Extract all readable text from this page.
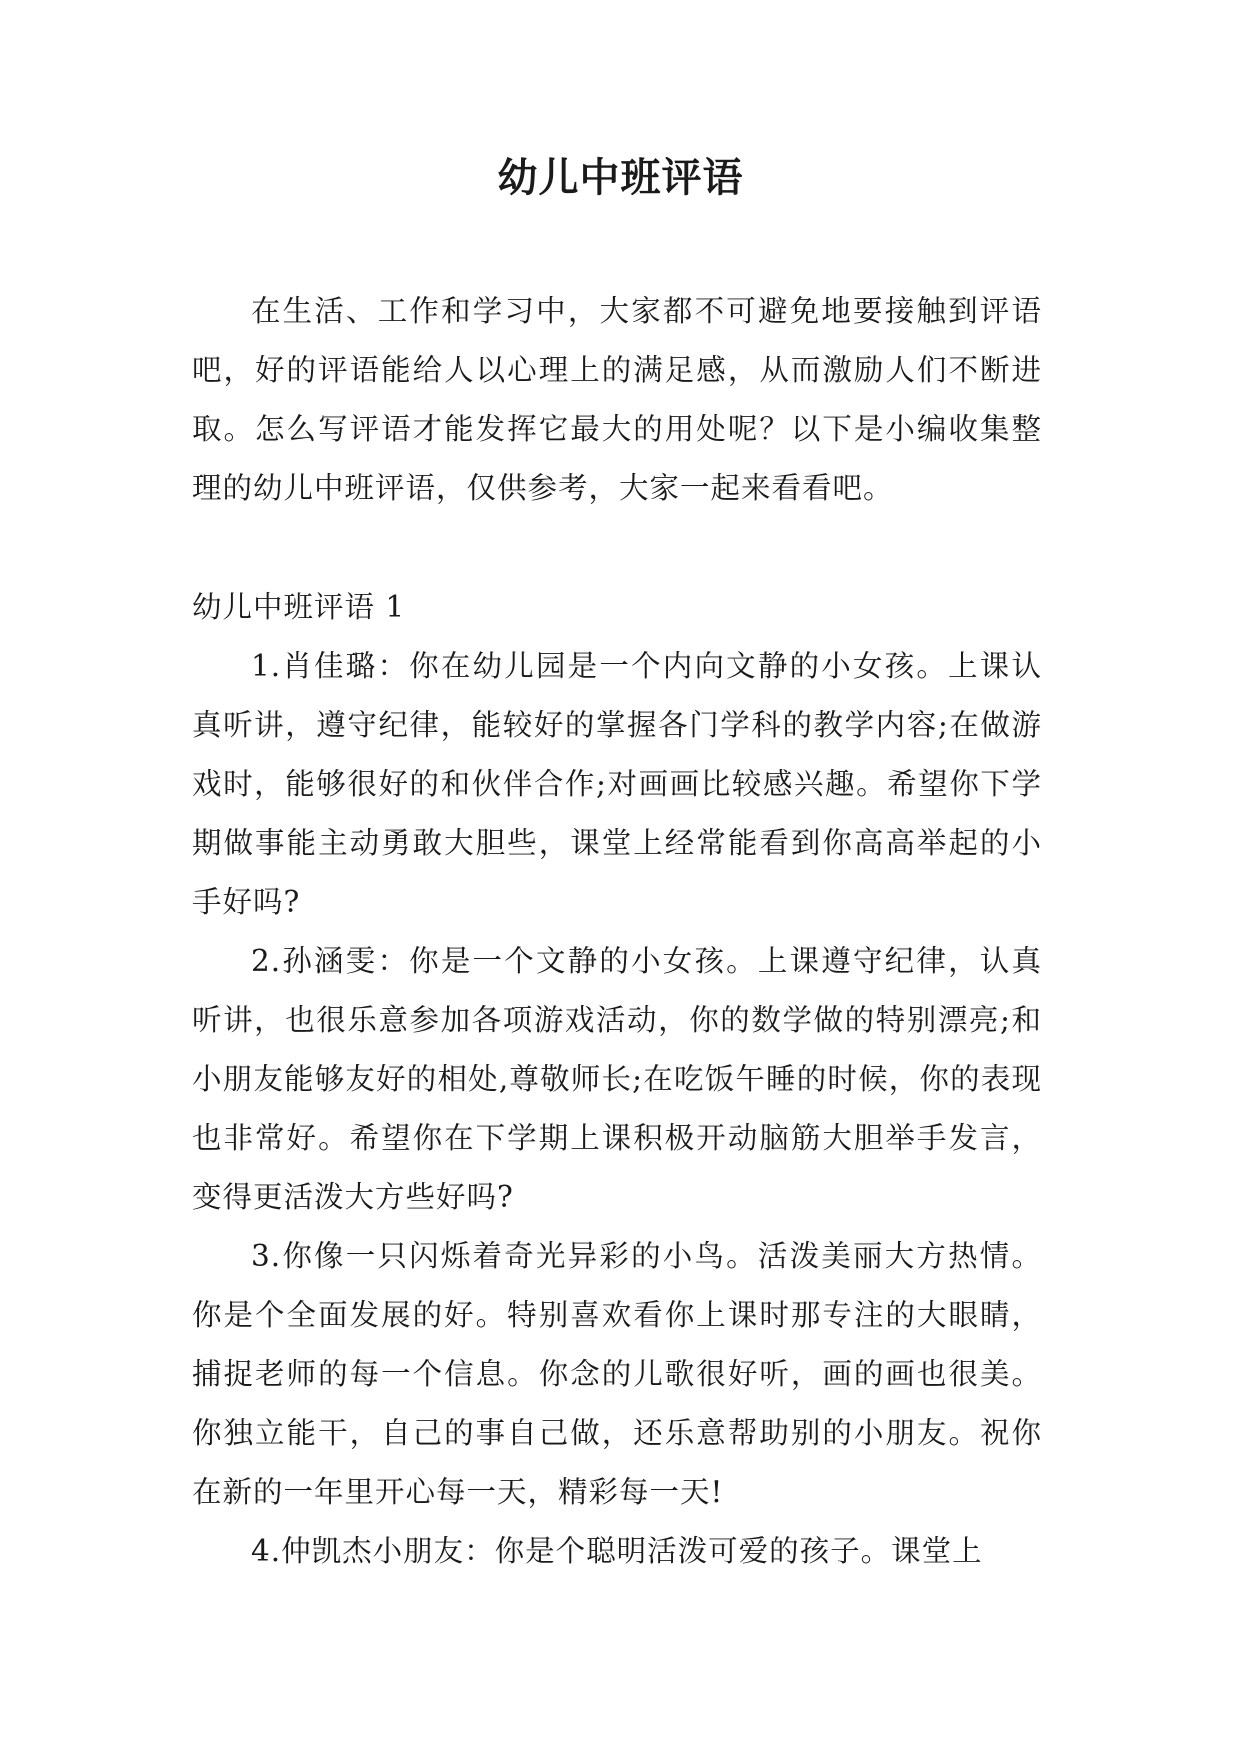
幼儿中班评语

在生活、工作和学习中，大家都不可避免地要接触到评语吧，好的评语能给人以心理上的满足感，从而激励人们不断进取。怎么写评语才能发挥它最大的用处呢？以下是小编收集整理的幼儿中班评语，仅供参考，大家一起来看看吧。

幼儿中班评语 1

1.肖佳璐：你在幼儿园是一个内向文静的小女孩。上课认真听讲，遵守纪律，能较好的掌握各门学科的教学内容;在做游戏时，能够很好的和伙伴合作;对画画比较感兴趣。希望你下学期做事能主动勇敢大胆些，课堂上经常能看到你高高举起的小手好吗?

2.孙涵雯：你是一个文静的小女孩。上课遵守纪律，认真听讲，也很乐意参加各项游戏活动，你的数学做的特别漂亮;和小朋友能够友好的相处,尊敬师长;在吃饭午睡的时候，你的表现也非常好。希望你在下学期上课积极开动脑筋大胆举手发言，变得更活泼大方些好吗?

3.你像一只闪烁着奇光异彩的小鸟。活泼美丽大方热情。你是个全面发展的好。特别喜欢看你上课时那专注的大眼睛，捕捉老师的每一个信息。你念的儿歌很好听，画的画也很美。你独立能干，自己的事自己做，还乐意帮助别的小朋友。祝你在新的一年里开心每一天，精彩每一天!

4.仲凯杰小朋友：你是个聪明活泼可爱的孩子。课堂上
